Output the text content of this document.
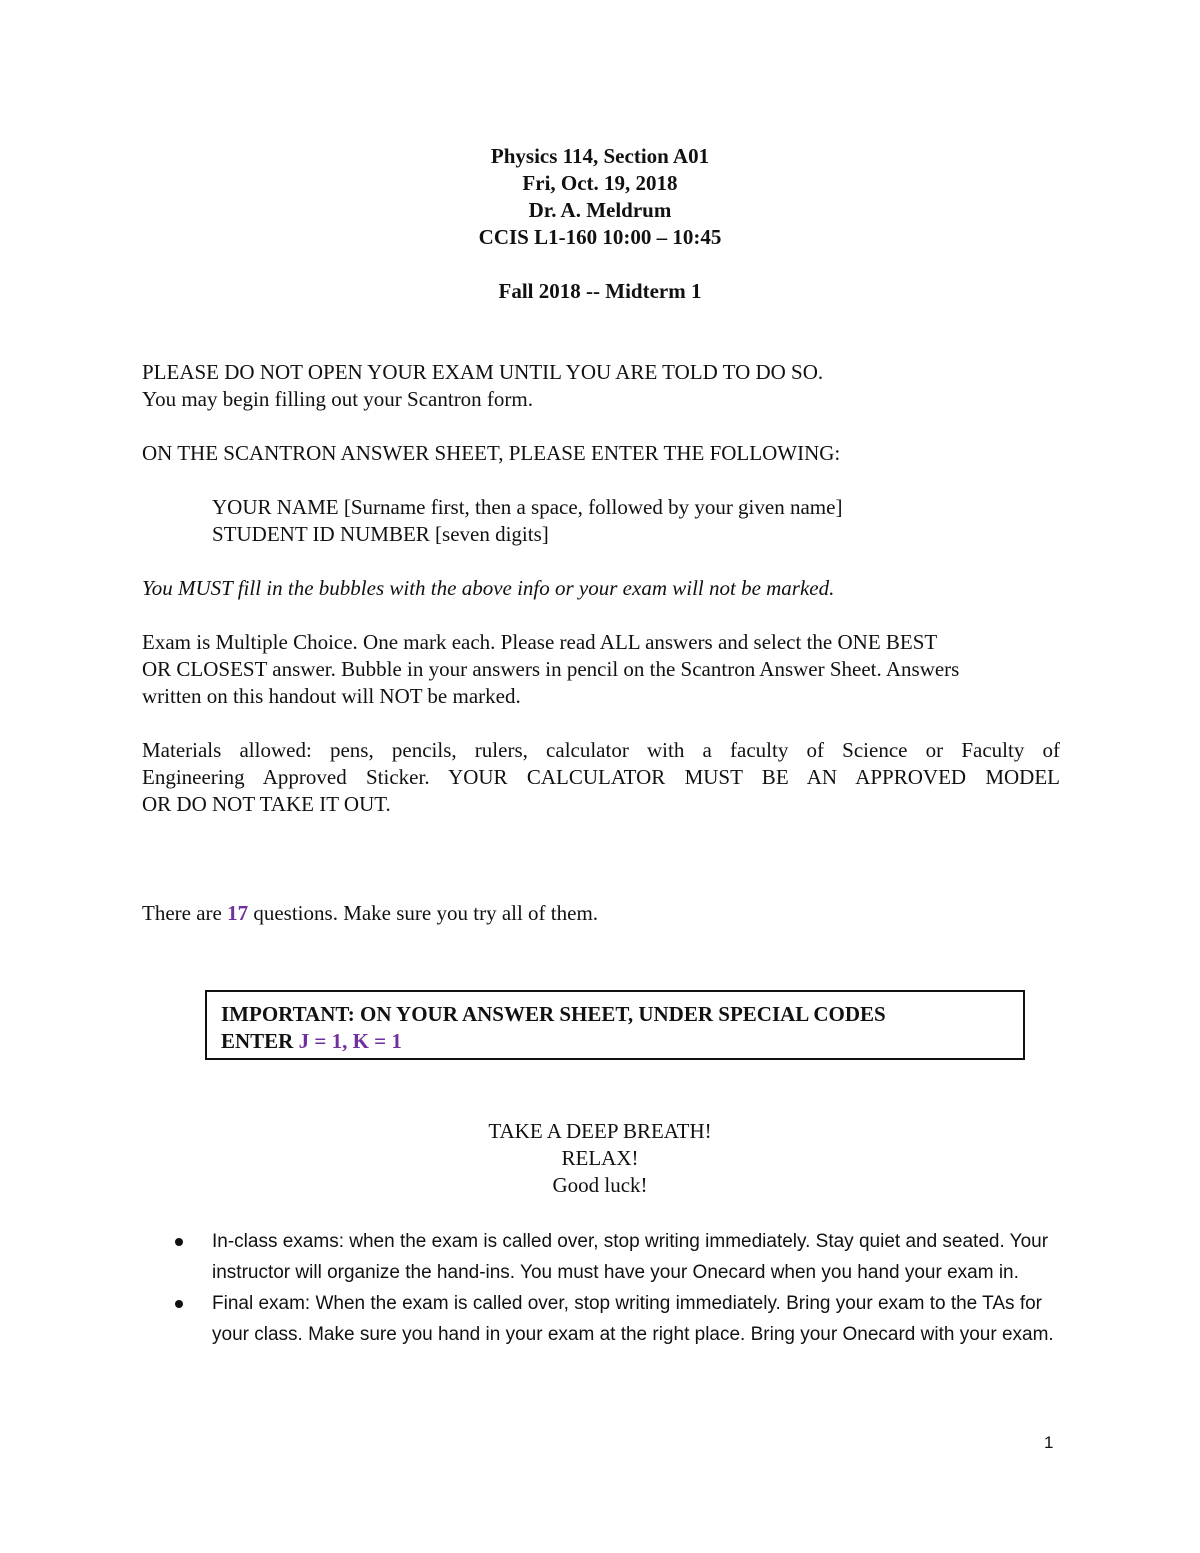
Physics 114, Section A01
Fri, Oct. 19, 2018
Dr. A. Meldrum
CCIS L1-160 10:00 – 10:45
Fall 2018 -- Midterm 1
PLEASE DO NOT OPEN YOUR EXAM UNTIL YOU ARE TOLD TO DO SO.
You may begin filling out your Scantron form.
ON THE SCANTRON ANSWER SHEET, PLEASE ENTER THE FOLLOWING:
YOUR NAME [Surname first, then a space, followed by your given name]
STUDENT ID NUMBER [seven digits]
You MUST fill in the bubbles with the above info or your exam will not be marked.
Exam is Multiple Choice. One mark each. Please read ALL answers and select the ONE BEST
OR CLOSEST answer. Bubble in your answers in pencil on the Scantron Answer Sheet. Answers
written on this handout will NOT be marked.
Materials allowed: pens, pencils, rulers, calculator with a faculty of Science or Faculty of
Engineering Approved Sticker. YOUR CALCULATOR MUST BE AN APPROVED MODEL
OR DO NOT TAKE IT OUT.
There are 17 questions. Make sure you try all of them.
IMPORTANT: ON YOUR ANSWER SHEET, UNDER SPECIAL CODES
ENTER J = 1, K = 1
TAKE A DEEP BREATH!
RELAX!
Good luck!
In-class exams: when the exam is called over, stop writing immediately. Stay quiet and seated. Your instructor will organize the hand-ins. You must have your Onecard when you hand your exam in.
Final exam: When the exam is called over, stop writing immediately. Bring your exam to the TAs for your class. Make sure you hand in your exam at the right place. Bring your Onecard with your exam.
1
